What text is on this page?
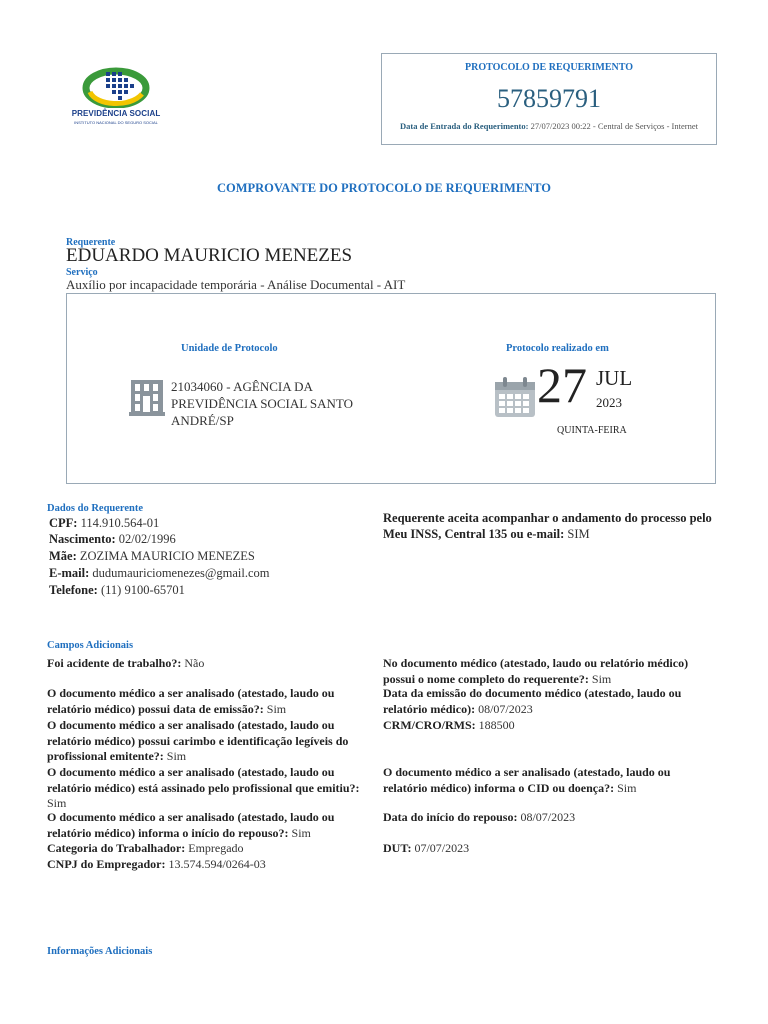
PREVIDÊNCIA SOCIAL
INSTITUTO NACIONAL DO SEGURO SOCIAL
PROTOCOLO DE REQUERIMENTO
57859791
Data de Entrada do Requerimento: 27/07/2023 00:22 - Central de Serviços - Internet
COMPROVANTE DO PROTOCOLO DE REQUERIMENTO
Requerente
EDUARDO MAURICIO MENEZES
Serviço
Auxílio por incapacidade temporária - Análise Documental - AIT
Unidade de Protocolo
21034060 - AGÊNCIA DA PREVIDÊNCIA SOCIAL SANTO ANDRÉ/SP
Protocolo realizado em
27 JUL
2023
QUINTA-FEIRA
Dados do Requerente
CPF: 114.910.564-01
Nascimento: 02/02/1996
Mãe: ZOZIMA MAURICIO MENEZES
E-mail: dudumauriciomenezes@gmail.com
Telefone: (11) 9100-65701
Requerente aceita acompanhar o andamento do processo pelo Meu INSS, Central 135 ou e-mail: SIM
Campos Adicionais
Foi acidente de trabalho?: Não
O documento médico a ser analisado (atestado, laudo ou relatório médico) possui data de emissão?: Sim
O documento médico a ser analisado (atestado, laudo ou relatório médico) possui carimbo e identificação legíveis do profissional emitente?: Sim
O documento médico a ser analisado (atestado, laudo ou relatório médico) está assinado pelo profissional que emitiu?: Sim
O documento médico a ser analisado (atestado, laudo ou relatório médico) informa o início do repouso?: Sim
Categoria do Trabalhador: Empregado
CNPJ do Empregador: 13.574.594/0264-03
No documento médico (atestado, laudo ou relatório médico) possui o nome completo do requerente?: Sim
Data da emissão do documento médico (atestado, laudo ou relatório médico): 08/07/2023
CRM/CRO/RMS: 188500
O documento médico a ser analisado (atestado, laudo ou relatório médico) informa o CID ou doença?: Sim
Data do início do repouso: 08/07/2023
DUT: 07/07/2023
Informações Adicionais
